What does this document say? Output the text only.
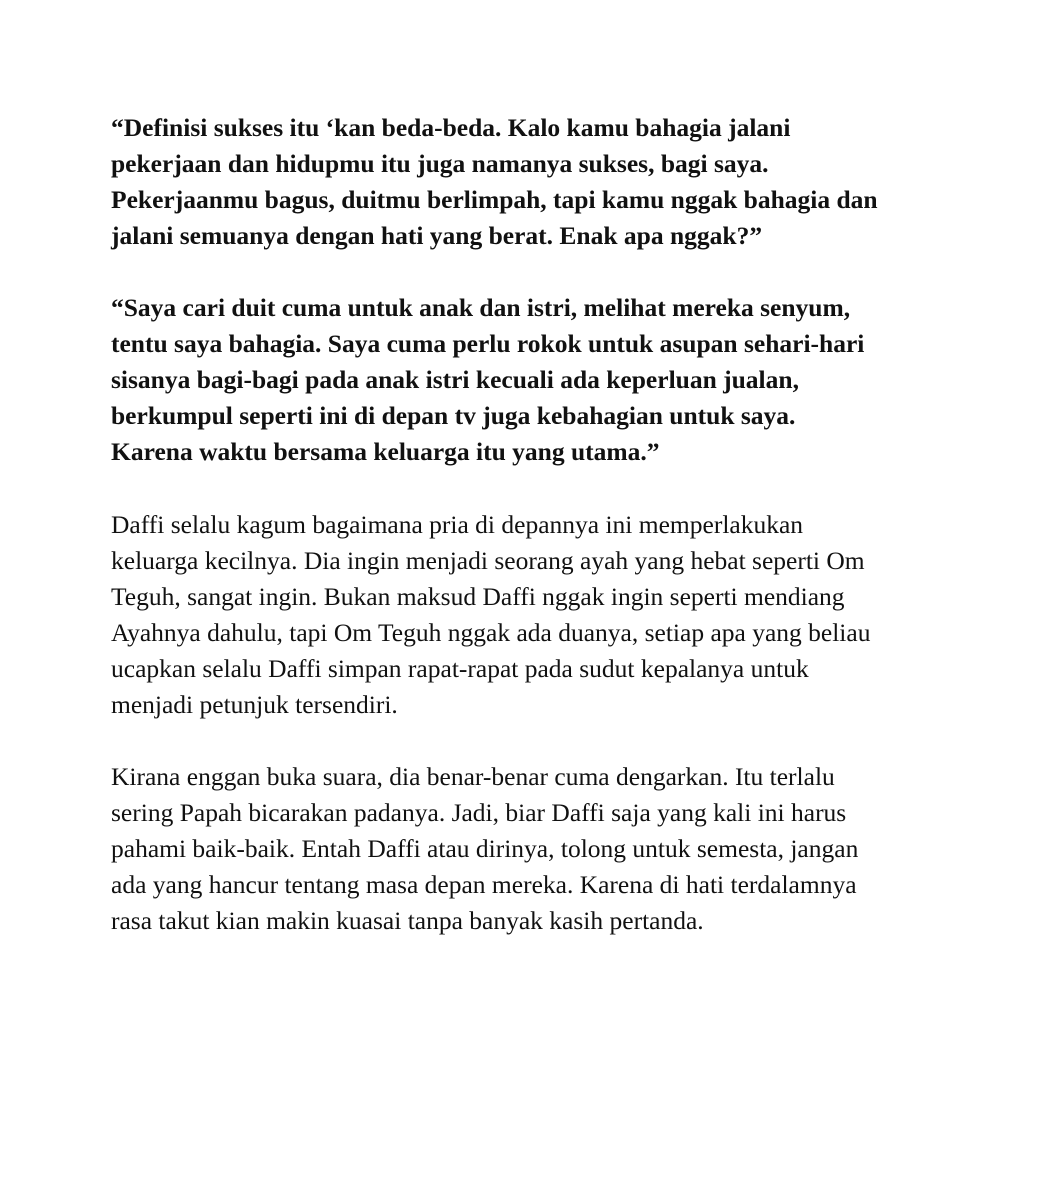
“Definisi sukses itu ‘kan beda-beda. Kalo kamu bahagia jalani
pekerjaan dan hidupmu itu juga namanya sukses, bagi saya.
Pekerjaanmu bagus, duitmu berlimpah, tapi kamu nggak bahagia dan
jalani semuanya dengan hati yang berat. Enak apa nggak?”

“Saya cari duit cuma untuk anak dan istri, melihat mereka senyum,
tentu saya bahagia. Saya cuma perlu rokok untuk asupan sehari-hari
sisanya bagi-bagi pada anak istri kecuali ada keperluan jualan,
berkumpul seperti ini di depan tv juga kebahagian untuk saya.
Karena waktu bersama keluarga itu yang utama.”

Daffi selalu kagum bagaimana pria di depannya ini memperlakukan
keluarga kecilnya. Dia ingin menjadi seorang ayah yang hebat seperti Om
Teguh, sangat ingin. Bukan maksud Daffi nggak ingin seperti mendiang
Ayahnya dahulu, tapi Om Teguh nggak ada duanya, setiap apa yang beliau
ucapkan selalu Daffi simpan rapat-rapat pada sudut kepalanya untuk
menjadi petunjuk tersendiri.

Kirana enggan buka suara, dia benar-benar cuma dengarkan. Itu terlalu
sering Papah bicarakan padanya. Jadi, biar Daffi saja yang kali ini harus
pahami baik-baik. Entah Daffi atau dirinya, tolong untuk semesta, jangan
ada yang hancur tentang masa depan mereka. Karena di hati terdalamnya
rasa takut kian makin kuasai tanpa banyak kasih pertanda.
